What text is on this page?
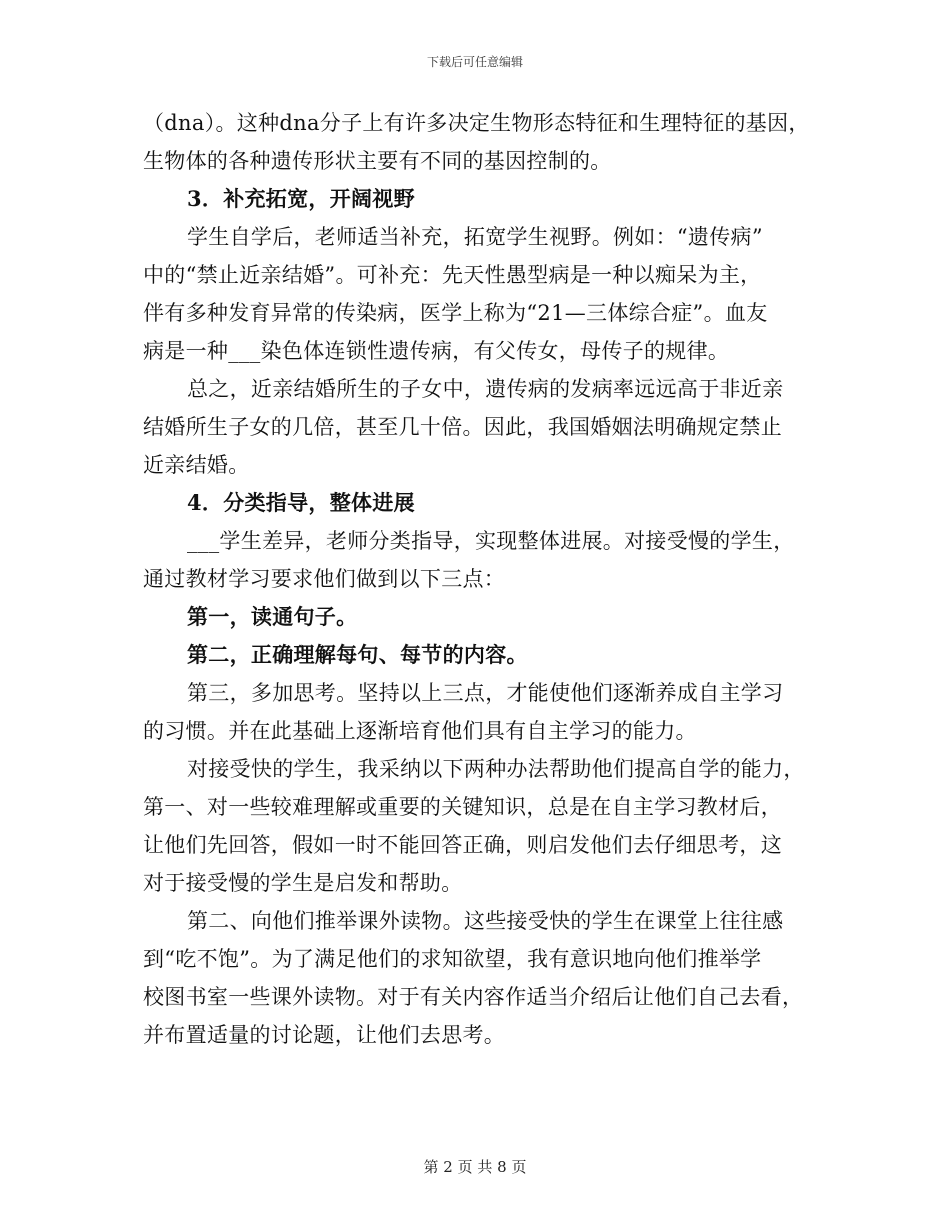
下载后可任意编辑
（dna）。这种dna分子上有许多决定生物形态特征和生理特征的基因，
生物体的各种遗传形状主要有不同的基因控制的。
3．补充拓宽，开阔视野
学生自学后，老师适当补充，拓宽学生视野。例如：“遗传病”
中的“禁止近亲结婚”。可补充：先天性愚型病是一种以痴呆为主，
伴有多种发育异常的传染病，医学上称为“21—三体综合症”。血友
病是一种___染色体连锁性遗传病，有父传女，母传子的规律。
总之，近亲结婚所生的子女中，遗传病的发病率远远高于非近亲
结婚所生子女的几倍，甚至几十倍。因此，我国婚姻法明确规定禁止
近亲结婚。
4．分类指导，整体进展
___学生差异，老师分类指导，实现整体进展。对接受慢的学生，
通过教材学习要求他们做到以下三点：
第一，读通句子。
第二，正确理解每句、每节的内容。
第三，多加思考。坚持以上三点，才能使他们逐渐养成自主学习
的习惯。并在此基础上逐渐培育他们具有自主学习的能力。
对接受快的学生，我采纳以下两种办法帮助他们提高自学的能力，
第一、对一些较难理解或重要的关键知识，总是在自主学习教材后，
让他们先回答，假如一时不能回答正确，则启发他们去仔细思考，这
对于接受慢的学生是启发和帮助。
第二、向他们推举课外读物。这些接受快的学生在课堂上往往感
到“吃不饱”。为了满足他们的求知欲望，我有意识地向他们推举学
校图书室一些课外读物。对于有关内容作适当介绍后让他们自己去看，
并布置适量的讨论题，让他们去思考。
第 2 页 共 8 页
